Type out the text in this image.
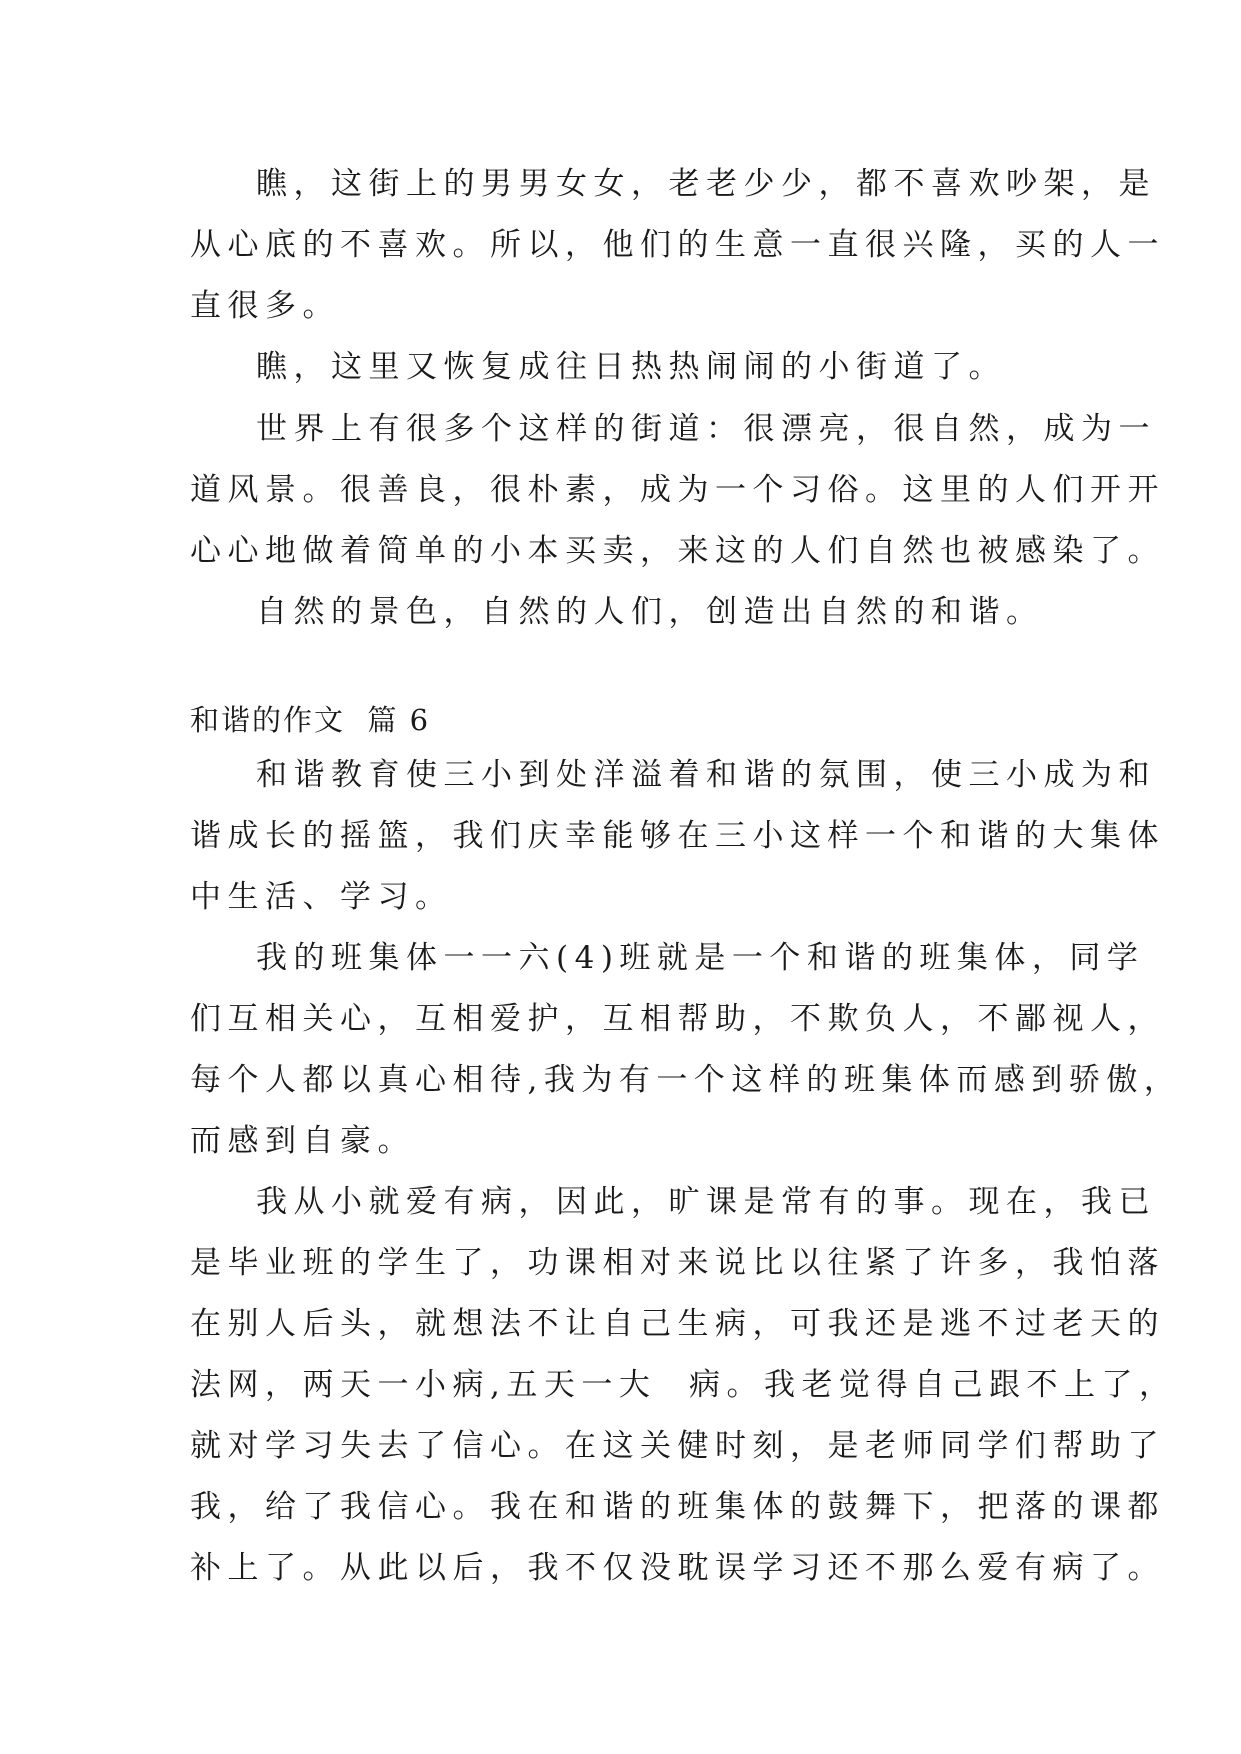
瞧，这街上的男男女女，老老少少，都不喜欢吵架，是
从心底的不喜欢。所以，他们的生意一直很兴隆，买的人一
直很多。
瞧，这里又恢复成往日热热闹闹的小街道了。
世界上有很多个这样的街道：很漂亮，很自然，成为一
道风景。很善良，很朴素，成为一个习俗。这里的人们开开
心心地做着简单的小本买卖，来这的人们自然也被感染了。
自然的景色，自然的人们，创造出自然的和谐。
和谐的作文  篇 6
和谐教育使三小到处洋溢着和谐的氛围，使三小成为和
谐成长的摇篮，我们庆幸能够在三小这样一个和谐的大集体
中生活、学习。
我的班集体一一六(4)班就是一个和谐的班集体，同学
们互相关心，互相爱护，互相帮助，不欺负人，不鄙视人，
每个人都以真心相待,我为有一个这样的班集体而感到骄傲，
而感到自豪。
我从小就爱有病，因此，旷课是常有的事。现在，我已
是毕业班的学生了，功课相对来说比以往紧了许多，我怕落
在别人后头，就想法不让自己生病，可我还是逃不过老天的
法网，两天一小病,五天一大  病。我老觉得自己跟不上了，
就对学习失去了信心。在这关健时刻，是老师同学们帮助了
我，给了我信心。我在和谐的班集体的鼓舞下，把落的课都
补上了。从此以后，我不仅没耽误学习还不那么爱有病了。
